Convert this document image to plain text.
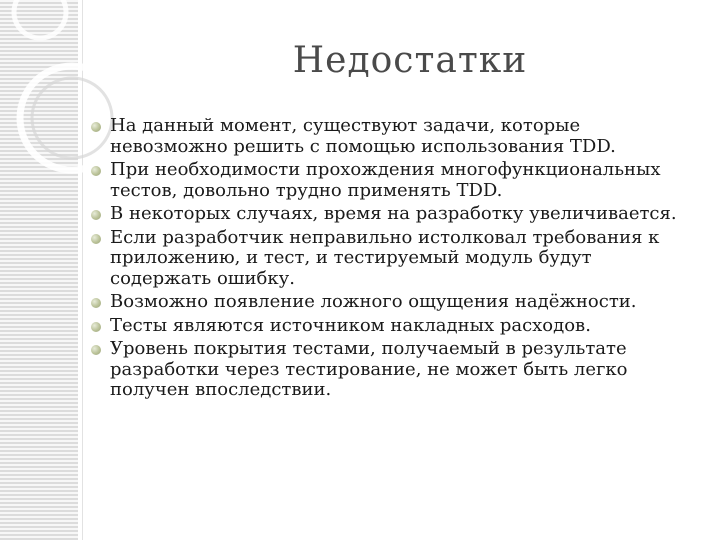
Недостатки
На данный момент, существуют задачи, которые невозможно решить с помощью использования TDD.
При необходимости прохождения многофункциональных тестов, довольно трудно применять TDD.
В некоторых случаях, время на разработку увеличивается.
Если разработчик неправильно истолковал требования к приложению, и тест, и тестируемый модуль будут содержать ошибку.
Возможно появление ложного ощущения надёжности.
Тесты являются источником накладных расходов.
Уровень покрытия тестами, получаемый в результате разработки через тестирование, не может быть легко получен впоследствии.
